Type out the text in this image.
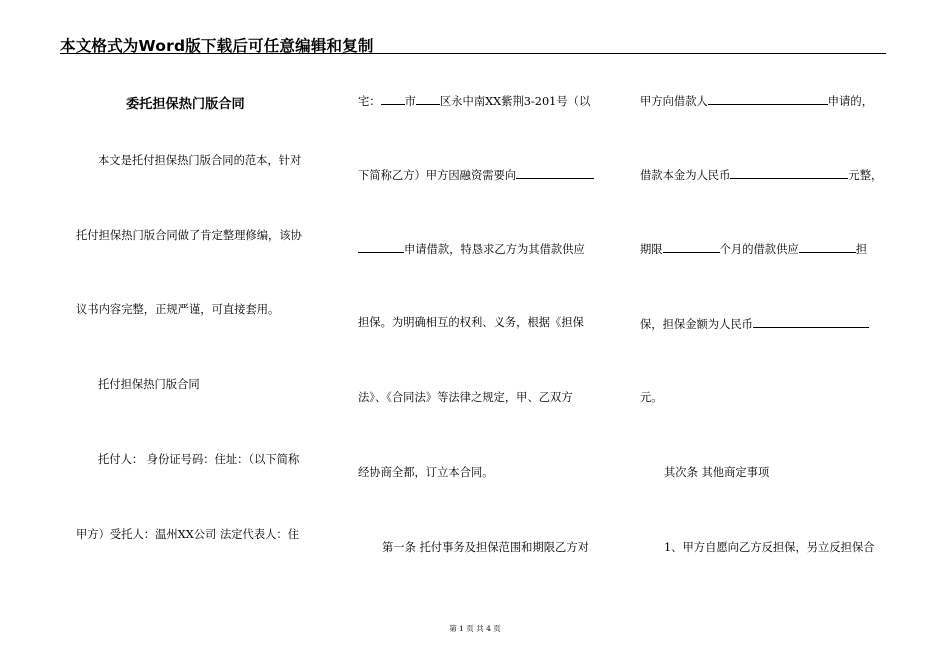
本文格式为Word版下载后可任意编辑和复制
委托担保热门版合同
本文是托付担保热门版合同的范本，针对
托付担保热门版合同做了肯定整理修编，该协
议书内容完整，正规严谨，可直接套用。
托付担保热门版合同
托付人： 身份证号码：住址：（以下简称
甲方）受托人：温州XX公司 法定代表人：住
宅： 市 区永中南XX紫荆3-201号（以
下简称乙方）甲方因融资需要向
申请借款，特恳求乙方为其借款供应
担保。为明确相互的权利、义务，根据《担保
法》、《合同法》等法律之规定，甲、乙双方
经协商全都，订立本合同。
第一条 托付事务及担保范围和期限乙方对
甲方向借款人	申请的，
借款本金为人民币	元整，
期限	个月的借款供应	担
保，担保金额为人民币
元。
其次条 其他商定事项
1、甲方自愿向乙方反担保，另立反担保合
第 1 页 共 4 页
